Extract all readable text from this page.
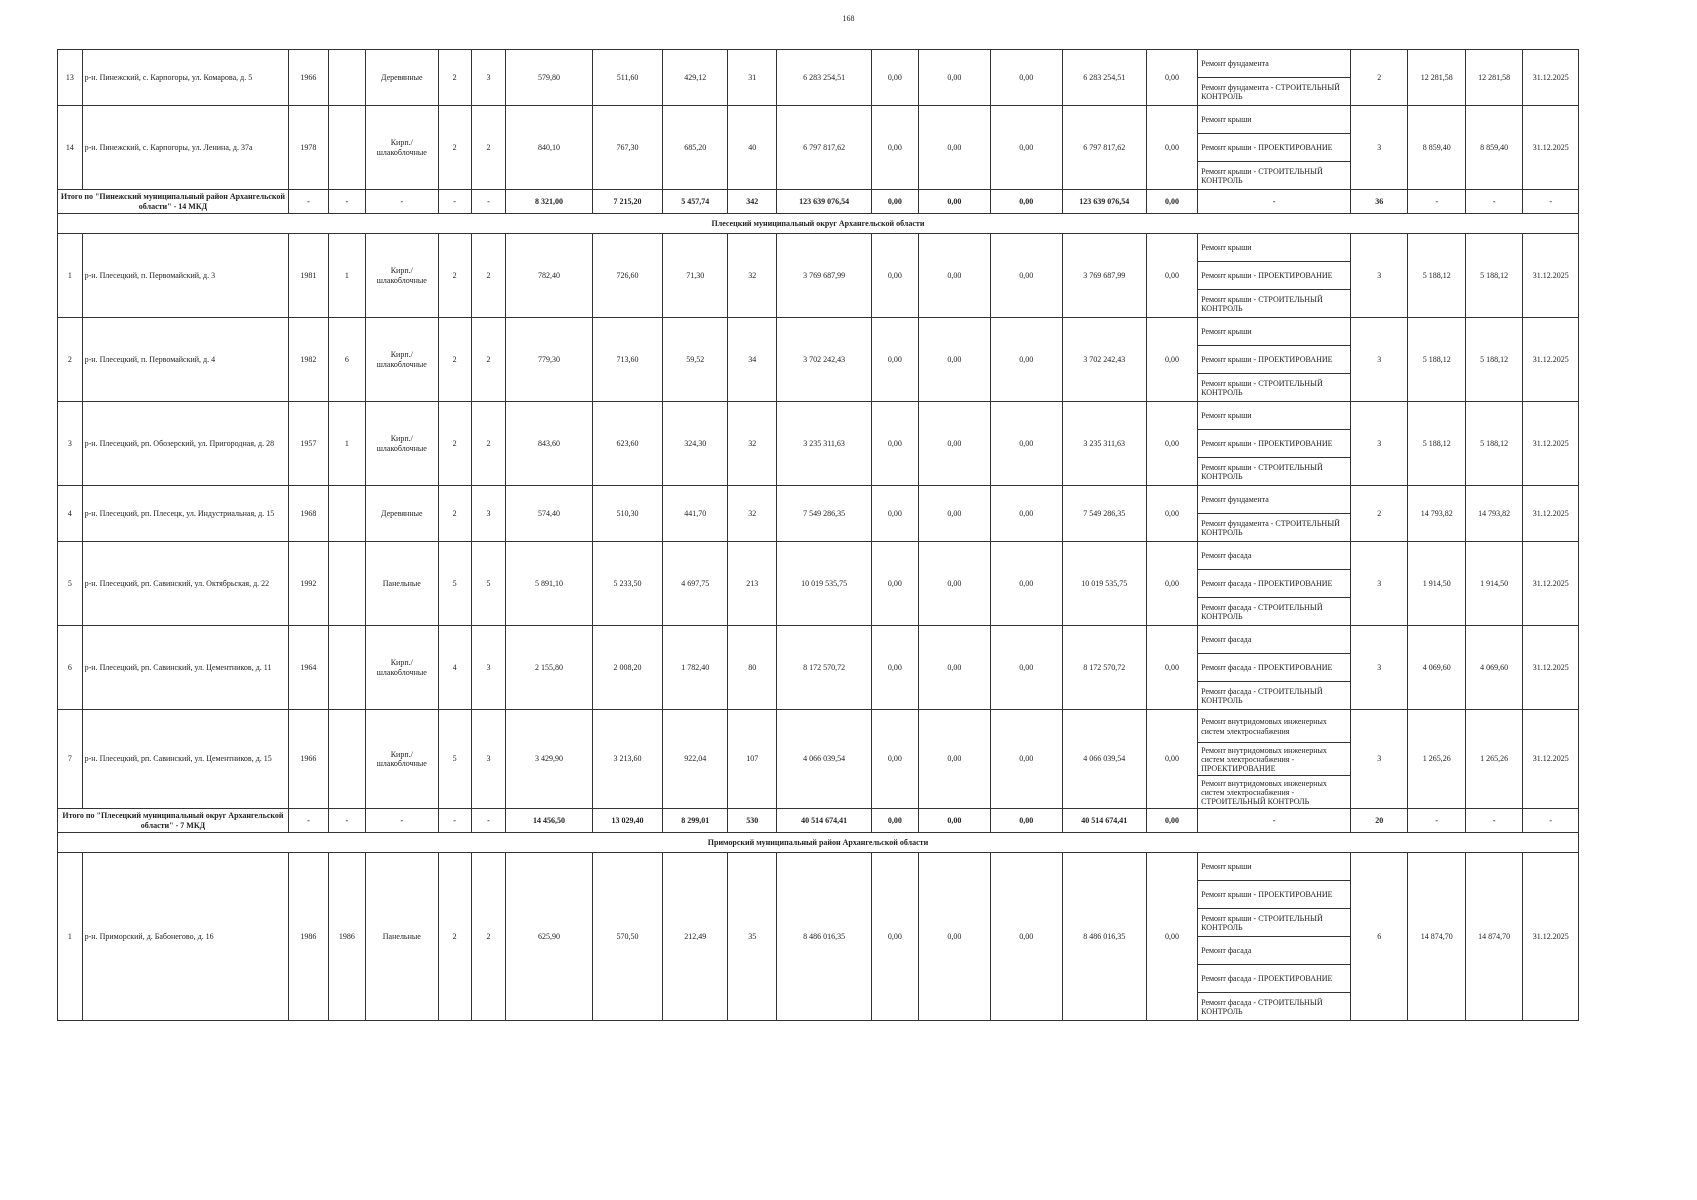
168
13	р-н. Пинежский, с. Карпогоры, ул. Комарова, д. 5	1966		Деревянные	2	3	579,80	511,60	429,12	31	6 283 254,51	0,00	0,00	0,00	6 283 254,51	0,00	Ремонт фундамента	2	12 281,58	12 281,58	31.12.2025
																	Ремонт фундамента - СТРОИТЕЛЬНЫЙ КОНТРОЛЬ				
14	р-н. Пинежский, с. Карпогоры, ул. Ленина, д. 37а	1978		Кирп./ шлакоблочные	2	2	840,10	767,30	685,20	40	6 797 817,62	0,00	0,00	0,00	6 797 817,62	0,00	Ремонт крыши	3	8 859,40	8 859,40	31.12.2025
																	Ремонт крыши - ПРОЕКТИРОВАНИЕ				
																	Ремонт крыши - СТРОИТЕЛЬНЫЙ КОНТРОЛЬ				
Итого по "Пинежский муниципальный район Архангельской области" - 14 МКД		-	-	-	-	-	8 321,00	7 215,20	5 457,74	342	123 639 076,54	0,00	0,00	0,00	123 639 076,54	0,00	-	36	-	-	-
Плесецкий муниципальный округ Архангельской области																					
1	р-н. Плесецкий, п. Первомайский, д. 3	1981	1	Кирп./ шлакоблочные	2	2	782,40	726,60	71,30	32	3 769 687,99	0,00	0,00	0,00	3 769 687,99	0,00	Ремонт крыши	3	5 188,12	5 188,12	31.12.2025
																	Ремонт крыши - ПРОЕКТИРОВАНИЕ				
																	Ремонт крыши - СТРОИТЕЛЬНЫЙ КОНТРОЛЬ				
2	р-н. Плесецкий, п. Первомайский, д. 4	1982	6	Кирп./ шлакоблочные	2	2	779,30	713,60	59,52	34	3 702 242,43	0,00	0,00	0,00	3 702 242,43	0,00	Ремонт крыши	3	5 188,12	5 188,12	31.12.2025
																	Ремонт крыши - ПРОЕКТИРОВАНИЕ				
																	Ремонт крыши - СТРОИТЕЛЬНЫЙ КОНТРОЛЬ				
3	р-н. Плесецкий, рп. Обозерский, ул. Пригородная, д. 28	1957	1	Кирп./ шлакоблочные	2	2	843,60	623,60	324,30	32	3 235 311,63	0,00	0,00	0,00	3 235 311,63	0,00	Ремонт крыши	3	5 188,12	5 188,12	31.12.2025
																	Ремонт крыши - ПРОЕКТИРОВАНИЕ				
																	Ремонт крыши - СТРОИТЕЛЬНЫЙ КОНТРОЛЬ				
4	р-н. Плесецкий, рп. Плесецк, ул. Индустриальная, д. 15	1968		Деревянные	2	3	574,40	510,30	441,70	32	7 549 286,35	0,00	0,00	0,00	7 549 286,35	0,00	Ремонт фундамента	2	14 793,82	14 793,82	31.12.2025
																	Ремонт фундамента - СТРОИТЕЛЬНЫЙ КОНТРОЛЬ				
5	р-н. Плесецкий, рп. Савинский, ул. Октябрьская, д. 22	1992		Панельные	5	5	5 891,10	5 233,50	4 697,75	213	10 019 535,75	0,00	0,00	0,00	10 019 535,75	0,00	Ремонт фасада	3	1 914,50	1 914,50	31.12.2025
																	Ремонт фасада - ПРОЕКТИРОВАНИЕ				
																	Ремонт фасада - СТРОИТЕЛЬНЫЙ КОНТРОЛЬ				
6	р-н. Плесецкий, рп. Савинский, ул. Цементников, д. 11	1964		Кирп./ шлакоблочные	4	3	2 155,80	2 008,20	1 782,40	80	8 172 570,72	0,00	0,00	0,00	8 172 570,72	0,00	Ремонт фасада	3	4 069,60	4 069,60	31.12.2025
																	Ремонт фасада - ПРОЕКТИРОВАНИЕ				
																	Ремонт фасада - СТРОИТЕЛЬНЫЙ КОНТРОЛЬ				
7	р-н. Плесецкий, рп. Савинский, ул. Цементников, д. 15	1966		Кирп./ шлакоблочные	5	3	3 429,90	3 213,60	922,04	107	4 066 039,54	0,00	0,00	0,00	4 066 039,54	0,00	Ремонт внутридомовых инженерных систем электроснабжения	3	1 265,26	1 265,26	31.12.2025
																	Ремонт внутридомовых инженерных систем электроснабжения - ПРОЕКТИРОВАНИЕ				
																	Ремонт внутридомовых инженерных систем электроснабжения - СТРОИТЕЛЬНЫЙ КОНТРОЛЬ				
Итого по "Плесецкий муниципальный округ Архангельской области" - 7 МКД		-	-	-	-	-	14 456,50	13 029,40	8 299,01	530	40 514 674,41	0,00	0,00	0,00	40 514 674,41	0,00	-	20	-	-	-
Приморский муниципальный район Архангельской области																					
1	р-н. Приморский, д. Бабонегово, д. 16	1986	1986	Панельные	2	2	625,90	570,50	212,49	35	8 486 016,35	0,00	0,00	0,00	8 486 016,35	0,00	Ремонт крыши	6	14 874,70	14 874,70	31.12.2025
																	Ремонт крыши - ПРОЕКТИРОВАНИЕ				
																	Ремонт крыши - СТРОИТЕЛЬНЫЙ КОНТРОЛЬ				
																	Ремонт фасада				
																	Ремонт фасада - ПРОЕКТИРОВАНИЕ				
																	Ремонт фасада - СТРОИТЕЛЬНЫЙ КОНТРОЛЬ				
